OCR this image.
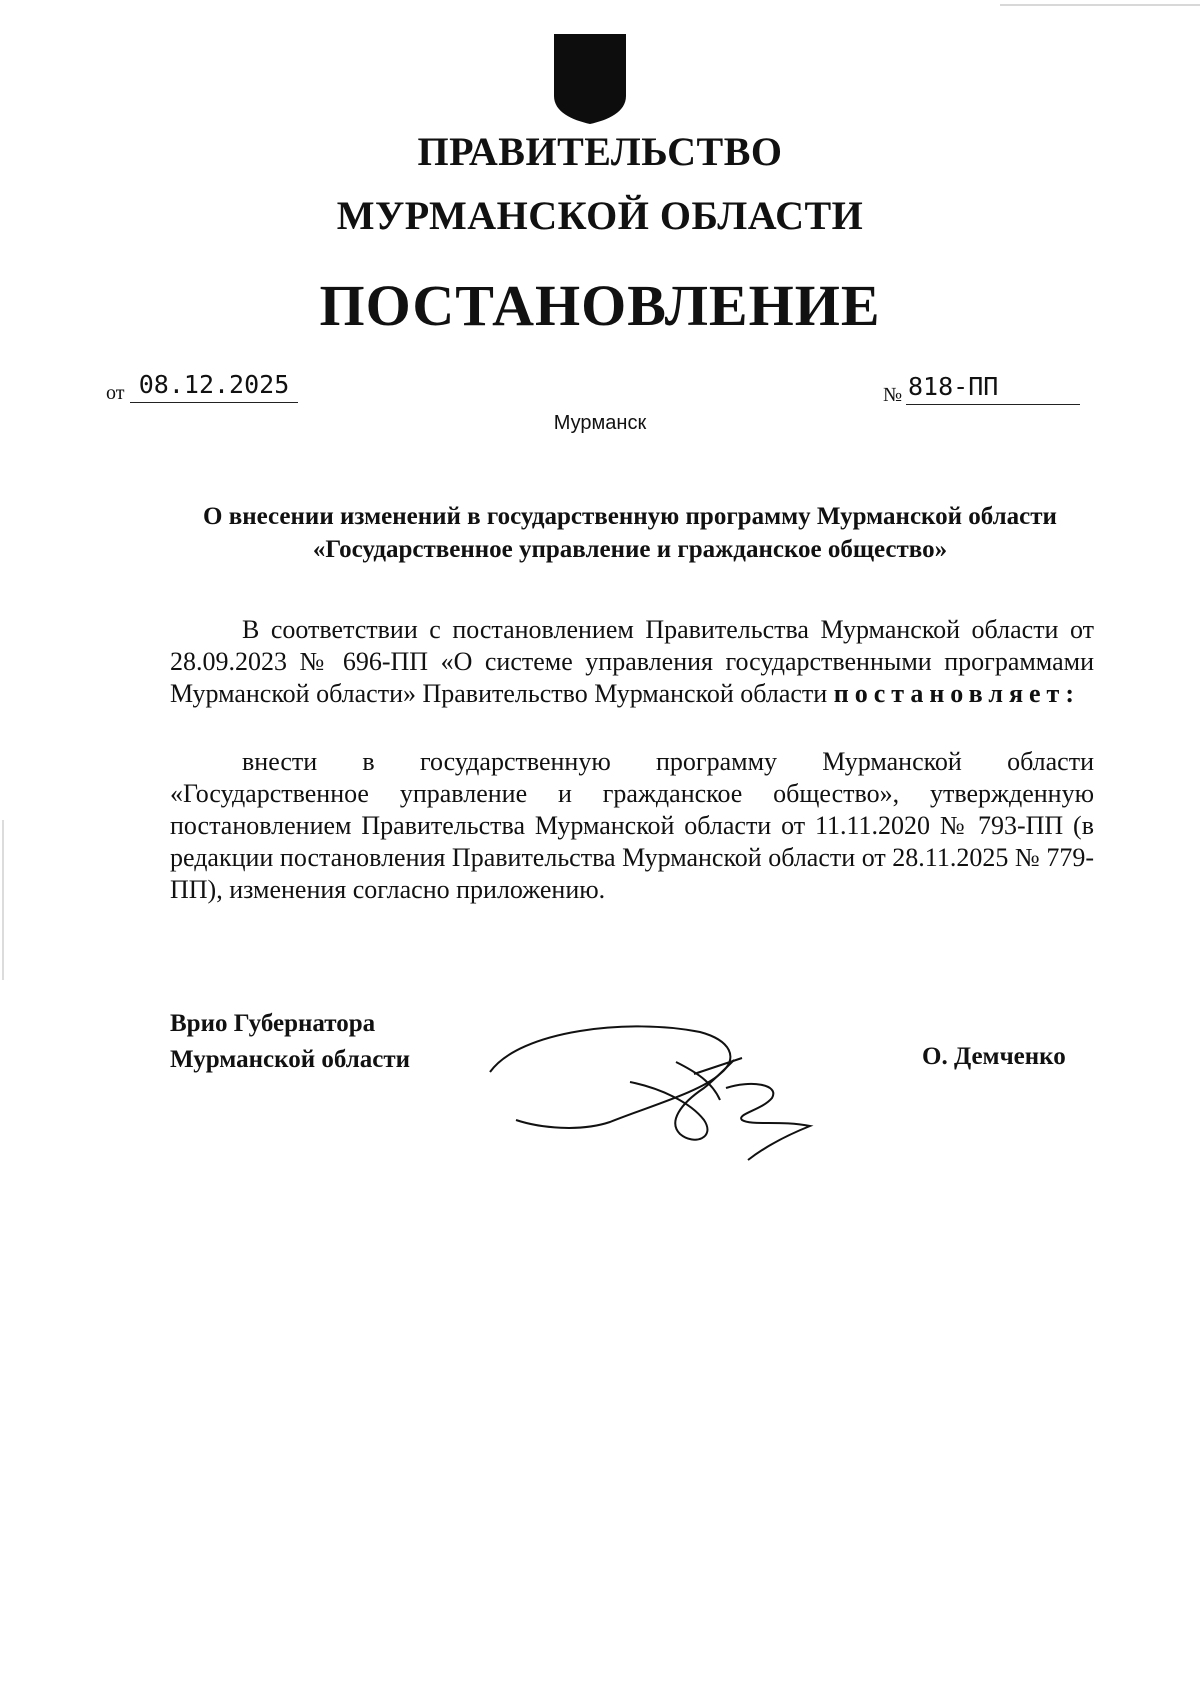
ПРАВИТЕЛЬСТВО
МУРМАНСКОЙ ОБЛАСТИ
ПОСТАНОВЛЕНИЕ
от 08.12.2025	№ 818-ПП
Мурманск
О внесении изменений в государственную программу Мурманской области «Государственное управление и гражданское общество»
В соответствии с постановлением Правительства Мурманской области от 28.09.2023 № 696-ПП «О системе управления государственными программами Мурманской области» Правительство Мурманской области постановляет:
внести в государственную программу Мурманской области «Государственное управление и гражданское общество», утвержденную постановлением Правительства Мурманской области от 11.11.2020 № 793-ПП (в редакции постановления Правительства Мурманской области от 28.11.2025 № 779-ПП), изменения согласно приложению.
Врио Губернатора
Мурманской области	О. Демченко
